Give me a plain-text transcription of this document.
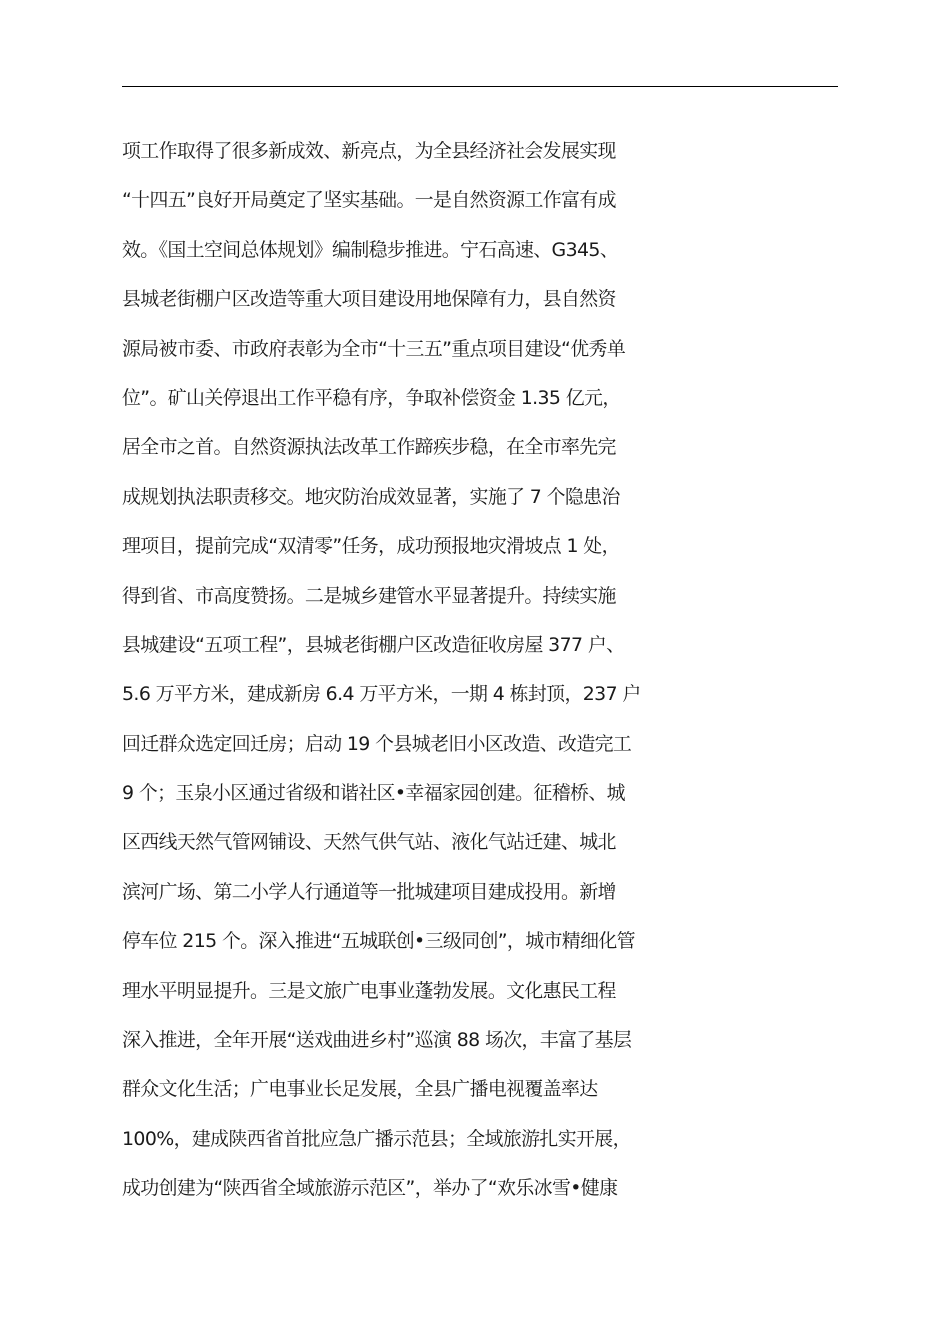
项工作取得了很多新成效、新亮点，为全县经济社会发展实现
“十四五”良好开局奠定了坚实基础。一是自然资源工作富有成
效。《国土空间总体规划》编制稳步推进。宁石高速、G345、
县城老街棚户区改造等重大项目建设用地保障有力，县自然资
源局被市委、市政府表彰为全市“十三五”重点项目建设“优秀单
位”。矿山关停退出工作平稳有序，争取补偿资金 1.35 亿元，
居全市之首。自然资源执法改革工作蹄疾步稳，在全市率先完
成规划执法职责移交。地灾防治成效显著，实施了 7 个隐患治
理项目，提前完成“双清零”任务，成功预报地灾滑坡点 1 处，
得到省、市高度赞扬。二是城乡建管水平显著提升。持续实施
县城建设“五项工程”，县城老街棚户区改造征收房屋 377 户、
5.6 万平方米，建成新房 6.4 万平方米，一期 4 栋封顶，237 户
回迁群众选定回迁房；启动 19 个县城老旧小区改造、改造完工
9 个；玉泉小区通过省级和谐社区•幸福家园创建。征稽桥、城
区西线天然气管网铺设、天然气供气站、液化气站迁建、城北
滨河广场、第二小学人行通道等一批城建项目建成投用。新增
停车位 215 个。深入推进“五城联创•三级同创”，城市精细化管
理水平明显提升。三是文旅广电事业蓬勃发展。文化惠民工程
深入推进，全年开展“送戏曲进乡村”巡演 88 场次，丰富了基层
群众文化生活；广电事业长足发展，全县广播电视覆盖率达
100%，建成陕西省首批应急广播示范县；全域旅游扎实开展，
成功创建为“陕西省全域旅游示范区”，举办了“欢乐冰雪•健康
